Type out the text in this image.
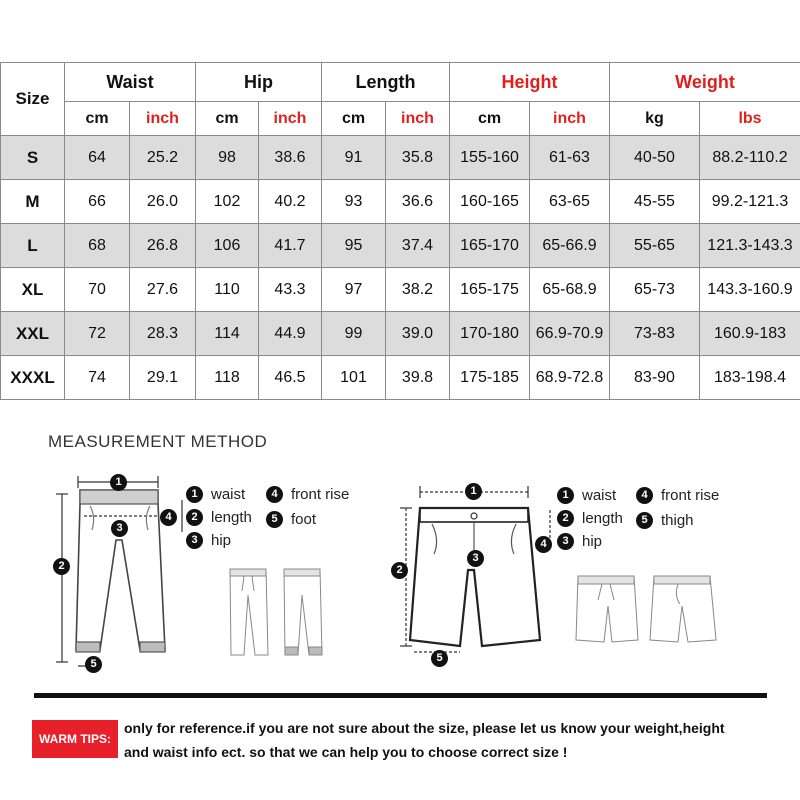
Size	Waist		Hip		Length		Height		Weight	
	cm	inch	cm	inch	cm	inch	cm	inch	kg	lbs
S	64	25.2	98	38.6	91	35.8	155-160	61-63	40-50	88.2-110.2
M	66	26.0	102	40.2	93	36.6	160-165	63-65	45-55	99.2-121.3
L	68	26.8	106	41.7	95	37.4	165-170	65-66.9	55-65	121.3-143.3
XL	70	27.6	110	43.3	97	38.2	165-175	65-68.9	65-73	143.3-160.9
XXL	72	28.3	114	44.9	99	39.0	170-180	66.9-70.9	73-83	160.9-183
XXXL	74	29.1	118	46.5	101	39.8	175-185	68.9-72.8	83-90	183-198.4
MEASUREMENT METHOD
1
2
3
4
5
1 waist
2 length
3 hip
4 front rise
5 foot
1
2
3
4
5
1 waist
2 length
3 hip
4 front rise
5 thigh
WARM TIPS:
only for reference.if you are not sure about the size, please let us know your weight,height
and waist info ect. so that we can help you to choose correct size !
